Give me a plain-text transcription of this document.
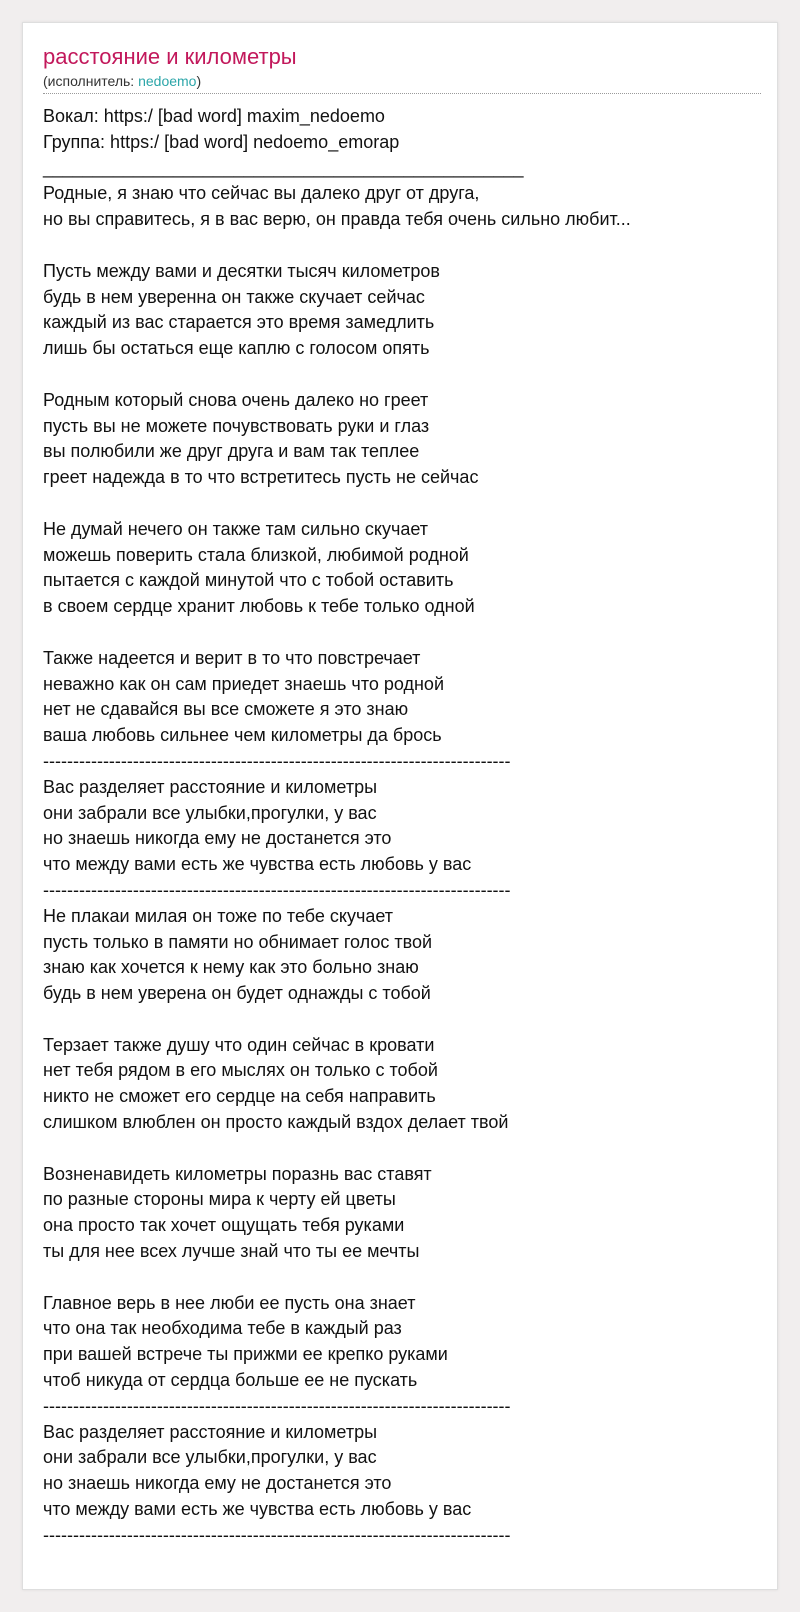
расстояние и километры
(исполнитель: nedoemo)
Вокал: https:/ [bad word] maxim_nedoemo
Группа: https:/ [bad word] nedoemo_emorap
________________________________________________
Родные, я знаю что сейчас вы далеко друг от друга,
но вы справитесь, я в вас верю, он правда тебя очень сильно любит...
Пусть между вами и десятки тысяч километров
будь в нем уверенна он также скучает сейчас
каждый из вас старается это время замедлить
лишь бы остаться еще каплю с голосом опять
Родным который снова очень далеко но греет
пусть вы не можете почувствовать руки и глаз
вы полюбили же друг друга и вам так теплее
греет надежда в то что встретитесь пусть не сейчас
Не думай нечего он также там сильно скучает
можешь поверить стала близкой, любимой родной
пытается с каждой минутой что с тобой оставить
в своем сердце хранит любовь к тебе только одной
Также надеется и верит в то что повстречает
неважно как он сам приедет знаешь что родной
нет не сдавайся вы все сможете я это знаю
ваша любовь сильнее чем километры да брось
------------------------------------------------------------------------------
Вас разделяет расстояние и километры
они забрали все улыбки,прогулки, у вас
но знаешь никогда ему не достанется это
что между вами есть же чувства есть любовь у вас
------------------------------------------------------------------------------
Не плакаи милая он тоже по тебе скучает
пусть только в памяти но обнимает голос твой
знаю как хочется к нему как это больно знаю
будь в нем уверена он будет однажды с тобой
Терзает также душу что один сейчас в кровати
нет тебя рядом в его мыслях он только с тобой
никто не сможет его сердце на себя направить
слишком влюблен он просто каждый вздох делает твой
Возненавидеть километры поразнь вас ставят
по разные стороны мира к черту ей цветы
она просто так хочет ощущать тебя руками
ты для нее всех лучше знай что ты ее мечты
Главное верь в нее люби ее пусть она знает
что она так необходима тебе в каждый раз
при вашей встрече ты прижми ее крепко руками
чтоб никуда от сердца больше ее не пускать
------------------------------------------------------------------------------
Вас разделяет расстояние и километры
они забрали все улыбки,прогулки, у вас
но знаешь никогда ему не достанется это
что между вами есть же чувства есть любовь у вас
------------------------------------------------------------------------------
